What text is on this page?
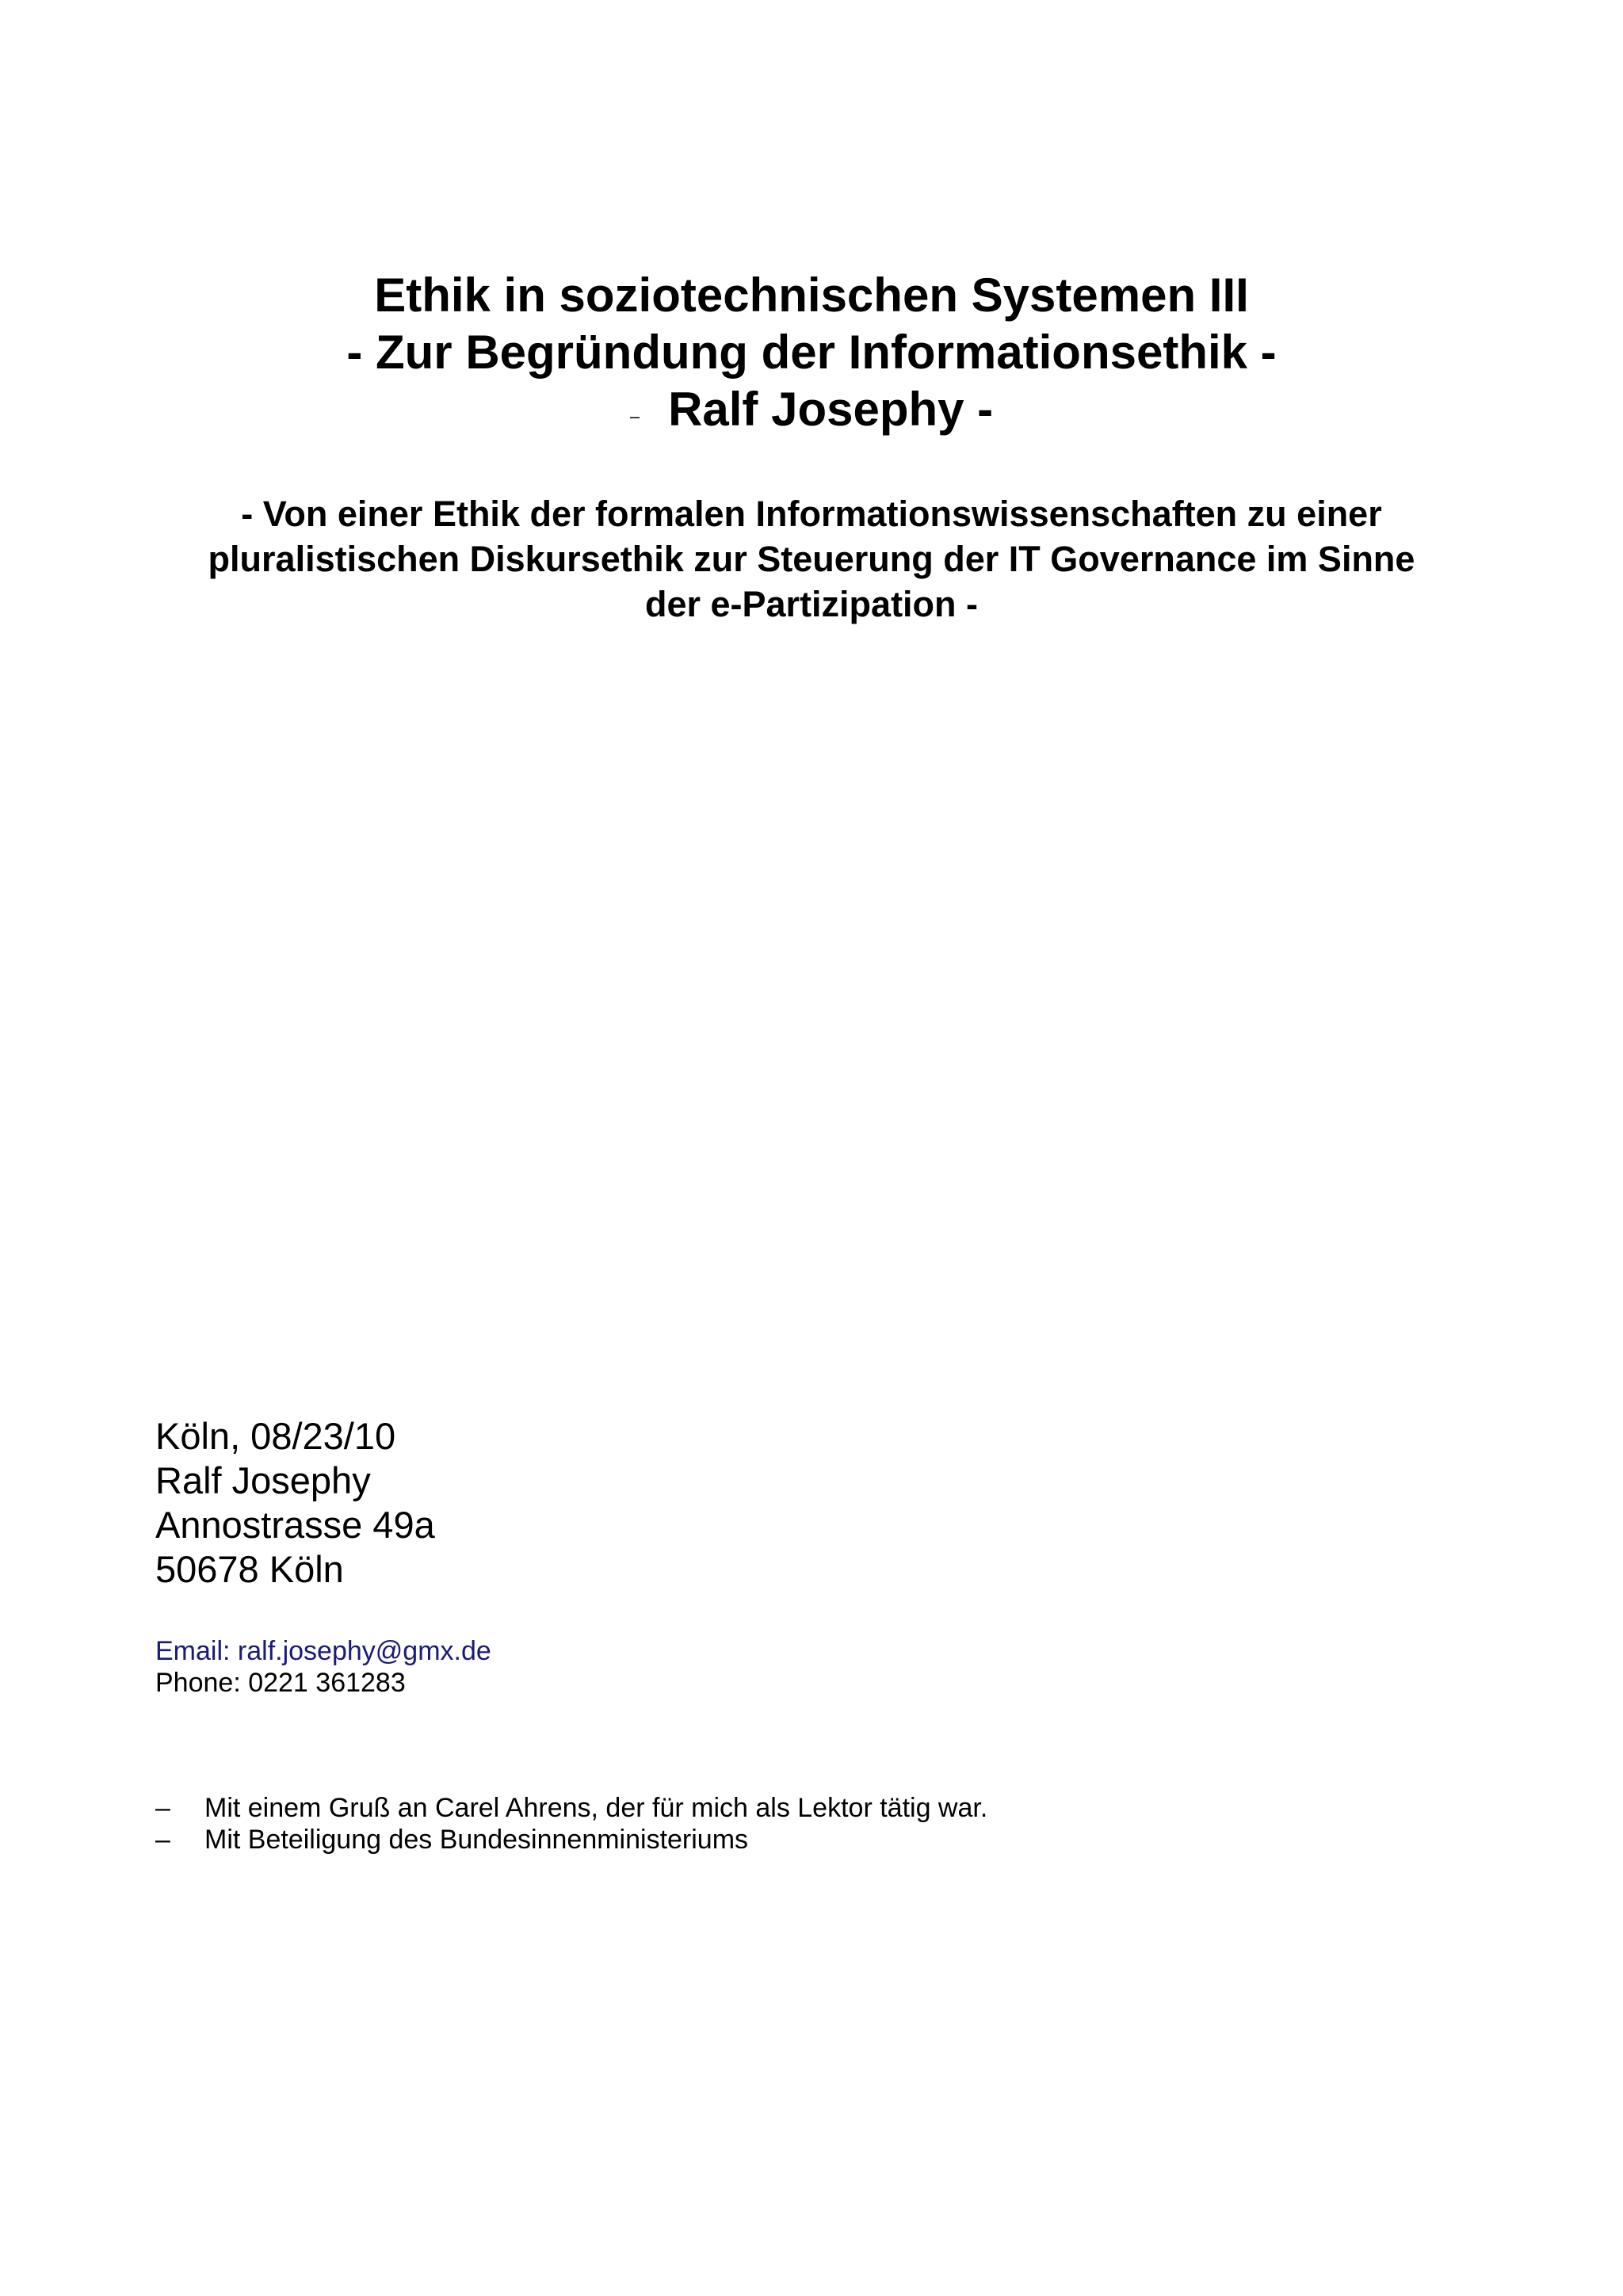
Ethik in soziotechnischen Systemen III
- Zur Begründung der Informationsethik -
– Ralf Josephy -
- Von einer Ethik der formalen Informationswissenschaften zu einer
pluralistischen Diskursethik zur Steuerung der IT Governance im Sinne
der e-Partizipation -
Köln, 08/23/10
Ralf Josephy
Annostrasse 49a
50678 Köln
Email: ralf.josephy@gmx.de
Phone: 0221 361283
–	Mit einem Gruß an Carel Ahrens, der für mich als Lektor tätig war.
–	Mit Beteiligung des Bundesinnenministeriums
